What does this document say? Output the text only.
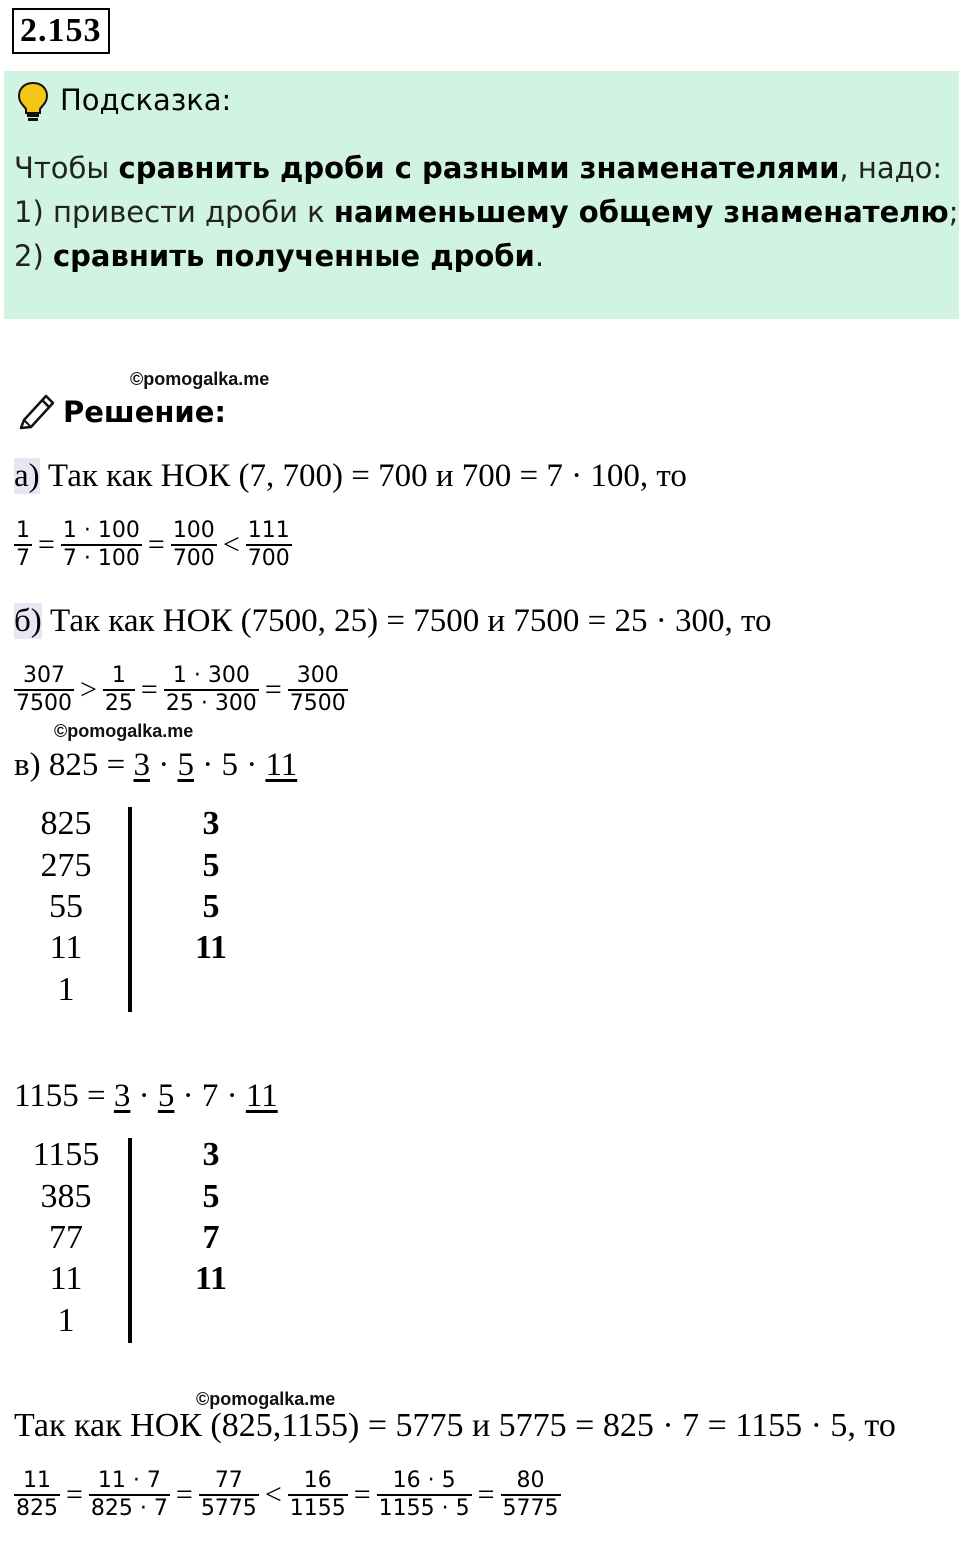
2.153
Подсказка:
Чтобы сравнить дроби с разными знаменателями, надо:
1) привести дроби к наименьшему общему знаменателю;
2) сравнить полученные дроби.
©pomogalka.me
Решение:
а) Так как НОК (7, 700) = 700 и 700 = 7 · 100, то
$\frac{1}{7} = \frac{1 \cdot 100}{7 \cdot 100} = \frac{100}{700} < \frac{111}{700}$
б) Так как НОК (7500, 25) = 7500 и 7500 = 25 · 300, то
$\frac{307}{7500} > \frac{1}{25} = \frac{1 \cdot 300}{25 \cdot 300} = \frac{300}{7500}$
©pomogalka.me
в) 825 = 3 · 5 · 5 · 11
825
275
55
11
1
3
5
5
11
1155 = 3 · 5 · 7 · 11
1155
385
77
11
1
3
5
7
11
©pomogalka.me
Так как НОК (825,1155) = 5775 и 5775 = 825 · 7 = 1155 · 5, то
$\frac{11}{825} = \frac{11 \cdot 7}{825 \cdot 7} = \frac{77}{5775} < \frac{16}{1155} = \frac{16 \cdot 5}{1155 \cdot 5} = \frac{80}{5775}$
